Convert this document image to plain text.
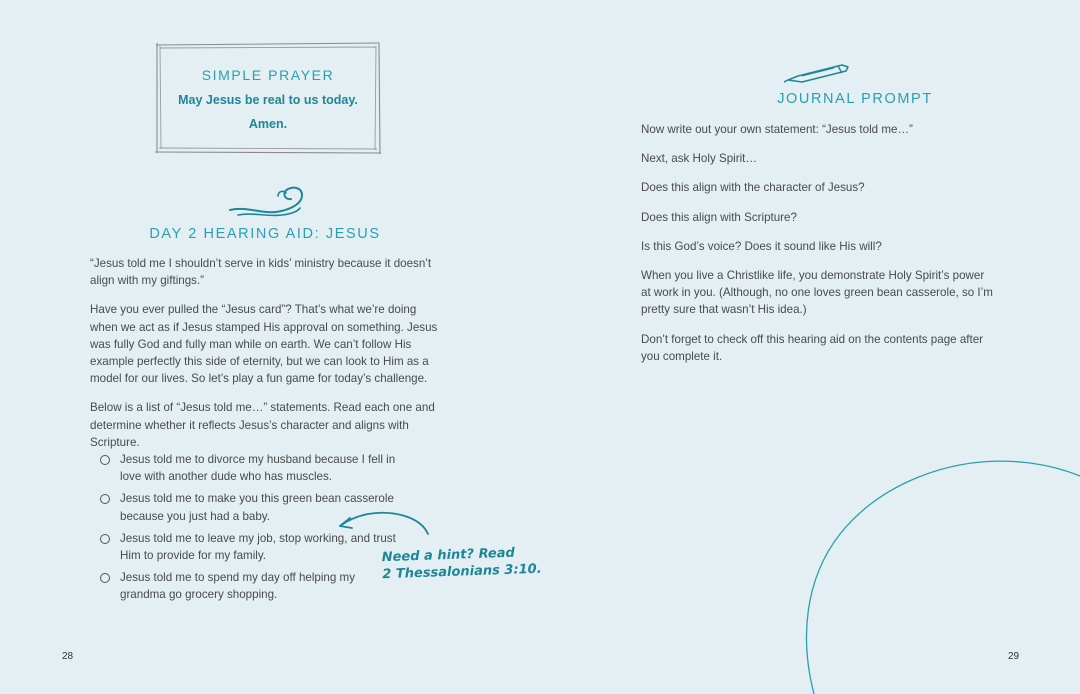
SIMPLE PRAYER
May Jesus be real to us today.
Amen.
DAY 2 HEARING AID: JESUS

“Jesus told me I shouldn’t serve in kids’ ministry because it doesn’t align with my giftings.”

Have you ever pulled the “Jesus card”? That’s what we’re doing when we act as if Jesus stamped His approval on something. Jesus was fully God and fully man while on earth. We can’t follow His example perfectly this side of eternity, but we can look to Him as a model for our lives. So let’s play a fun game for today’s challenge.

Below is a list of “Jesus told me…” statements. Read each one and determine whether it reflects Jesus’s character and aligns with Scripture.

Jesus told me to divorce my husband because I fell in love with another dude who has muscles.
Jesus told me to make you this green bean casserole because you just had a baby.
Jesus told me to leave my job, stop working, and trust Him to provide for my family.
Jesus told me to spend my day off helping my grandma go grocery shopping.
Need a hint? Read
2 Thessalonians 3:10.
28
JOURNAL PROMPT

Now write out your own statement: “Jesus told me…”

Next, ask Holy Spirit…

Does this align with the character of Jesus?

Does this align with Scripture?

Is this God’s voice? Does it sound like His will?

When you live a Christlike life, you demonstrate Holy Spirit’s power at work in you. (Although, no one loves green bean casserole, so I’m pretty sure that wasn’t His idea.)

Don’t forget to check off this hearing aid on the contents page after you complete it.

29
